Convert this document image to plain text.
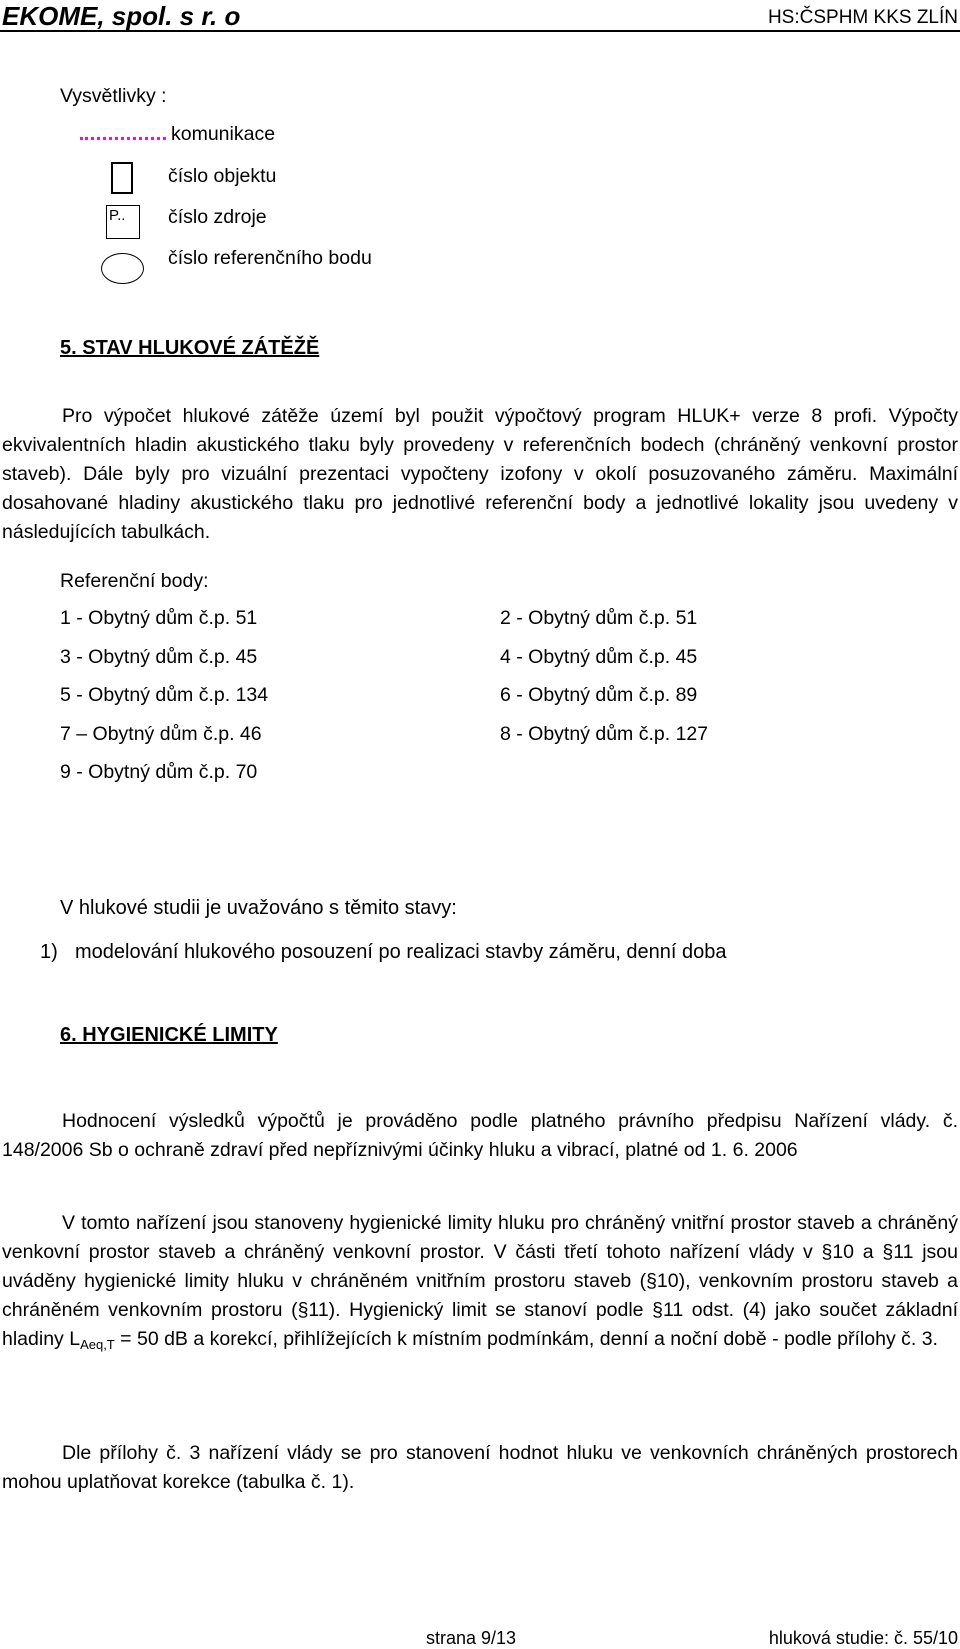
EKOME, spol. s r. o	HS:ČSPHM KKS ZLÍN
Vysvětlivky :
komunikace
číslo objektu
P..	číslo zdroje
číslo referenčního bodu
5. STAV HLUKOVÉ ZÁTĚŽĚ

Pro výpočet hlukové zátěže území byl použit výpočtový program HLUK+ verze 8 profi. Výpočty ekvivalentních hladin akustického tlaku byly provedeny v referenčních bodech (chráněný venkovní prostor staveb). Dále byly pro vizuální prezentaci vypočteny izofony v okolí posuzovaného záměru. Maximální dosahované hladiny akustického tlaku pro jednotlivé referenční body a jednotlivé lokality jsou uvedeny v následujících tabulkách.

Referenční body:
1 - Obytný dům č.p. 51	2 - Obytný dům č.p. 51
3 - Obytný dům č.p. 45	4 - Obytný dům č.p. 45
5 - Obytný dům č.p. 134	6 - Obytný dům č.p. 89
7 – Obytný dům č.p. 46	8 - Obytný dům č.p. 127
9 - Obytný dům č.p. 70
V hlukové studii je uvažováno s těmito stavy:
1) modelování hlukového posouzení po realizaci stavby záměru, denní doba
6. HYGIENICKÉ LIMITY

Hodnocení výsledků výpočtů je prováděno podle platného právního předpisu Nařízení vlády. č. 148/2006 Sb o ochraně zdraví před nepříznivými účinky hluku a vibrací, platné od 1. 6. 2006

V tomto nařízení jsou stanoveny hygienické limity hluku pro chráněný vnitřní prostor staveb a chráněný venkovní prostor staveb a chráněný venkovní prostor. V části třetí tohoto nařízení vlády v §10 a §11 jsou uváděny hygienické limity hluku v chráněném vnitřním prostoru staveb (§10), venkovním prostoru staveb a chráněném venkovním prostoru (§11). Hygienický limit se stanoví podle §11 odst. (4) jako součet základní hladiny $L_{Aeq,T} = 50$ dB a korekcí, přihlížejících k místním podmínkám, denní a noční době - podle přílohy č. 3.

Dle přílohy č. 3 nařízení vlády se pro stanovení hodnot hluku ve venkovních chráněných prostorech mohou uplatňovat korekce (tabulka č. 1).

strana 9/13	hluková studie: č. 55/10
